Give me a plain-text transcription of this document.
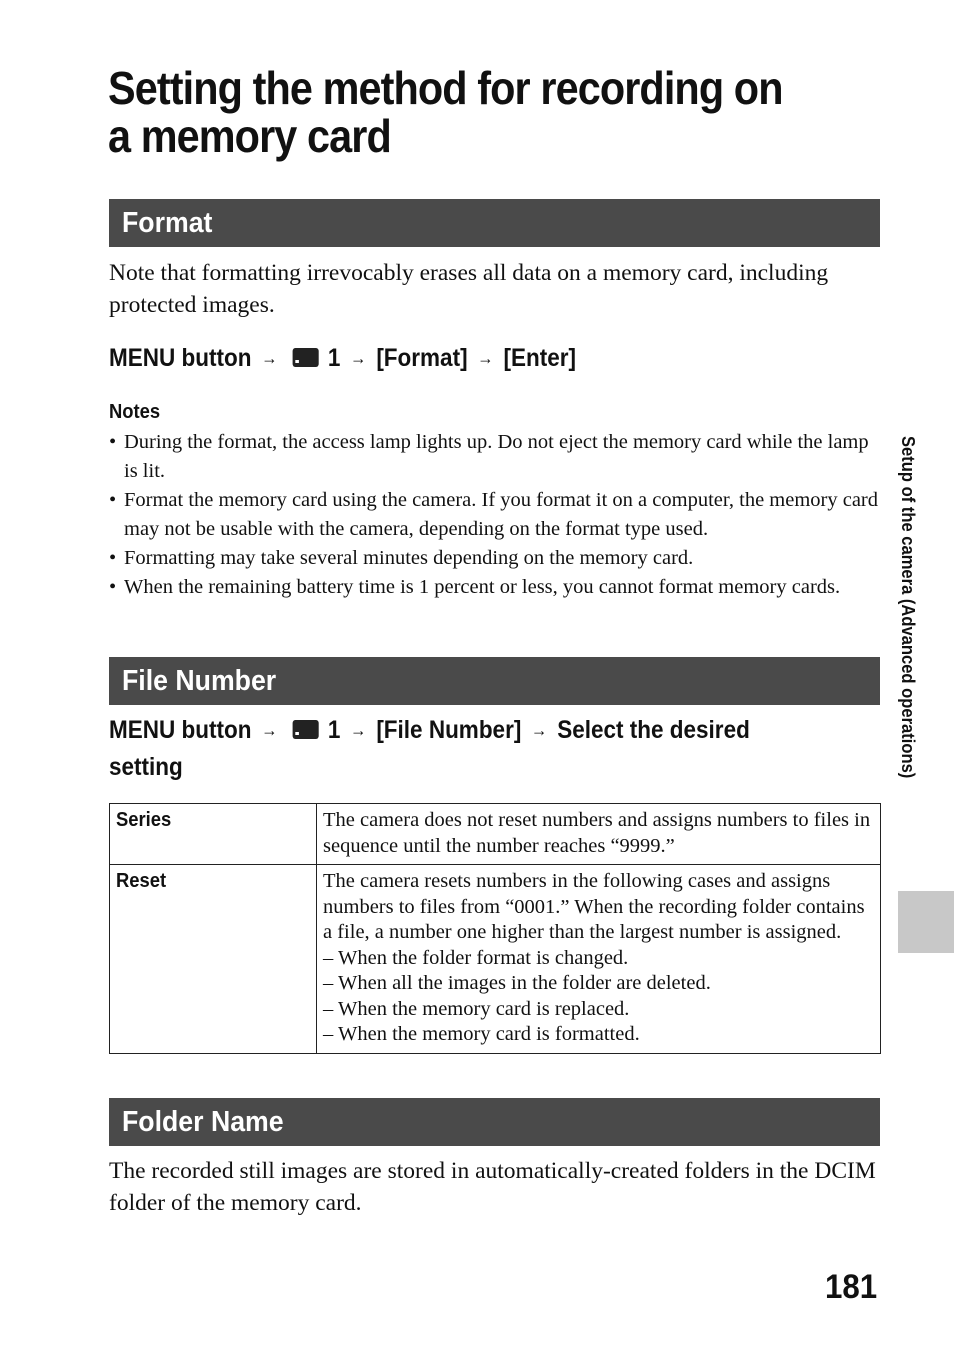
Setting the method for recording on a memory card
Format
Note that formatting irrevocably erases all data on a memory card, including protected images.
MENU button → 1 → [Format] → [Enter]
Notes
• During the format, the access lamp lights up. Do not eject the memory card while the lamp is lit.
• Format the memory card using the camera. If you format it on a computer, the memory card may not be usable with the camera, depending on the format type used.
• Formatting may take several minutes depending on the memory card.
• When the remaining battery time is 1 percent or less, you cannot format memory cards.
File Number
MENU button → 1 → [File Number] → Select the desired setting
Series	The camera does not reset numbers and assigns numbers to files in sequence until the number reaches “9999.”

Reset	The camera resets numbers in the following cases and assigns numbers to files from “0001.” When the recording folder contains a file, a number one higher than the largest number is assigned.
– When the folder format is changed.
– When all the images in the folder are deleted.
– When the memory card is replaced.
– When the memory card is formatted.
Folder Name
The recorded still images are stored in automatically-created folders in the DCIM folder of the memory card.
Setup of the camera (Advanced operations)
181
